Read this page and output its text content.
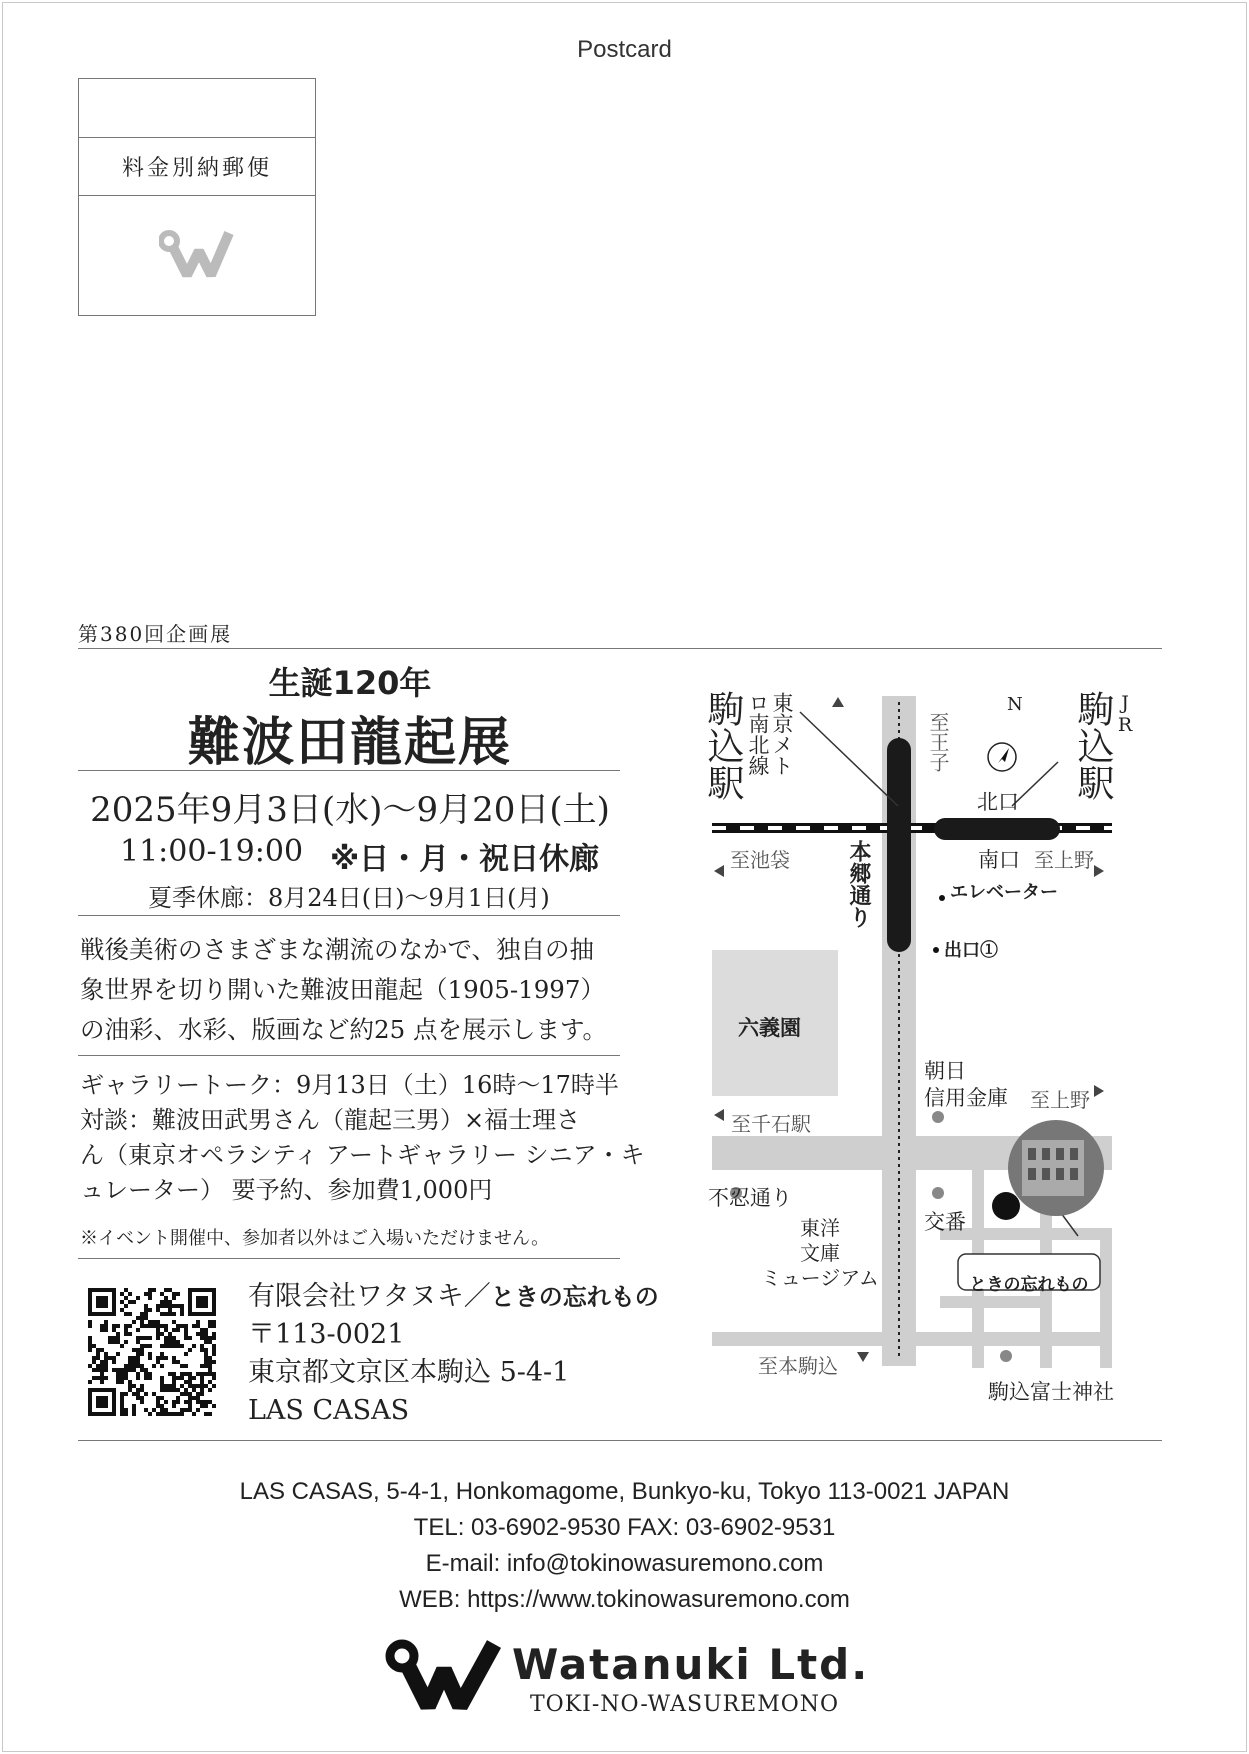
Postcard
料金別納郵便
第380回企画展
生誕120年
難波田龍起展
2025年9月3日(水)〜9月20日(土)
11:00-19:00 ※日・月・祝日休廊
夏季休廊：8月24日(日)〜9月1日(月)
戦後美術のさまざまな潮流のなかで、独自の抽
象世界を切り開いた難波田龍起（1905-1997）
の油彩、水彩、版画など約25 点を展示します。
ギャラリートーク：9月13日（土）16時〜17時半
対談：難波田武男さん（龍起三男）×福士理さ
ん（東京オペラシティ アートギャラリー シニア・キ
ュレーター） 要予約、参加費1,000円
※イベント開催中、参加者以外はご入場いただけません。
有限会社ワタヌキ／ときの忘れもの
〒113-0021
東京都文京区本駒込 5-4-1
LAS CASAS
駒込駅	東京メトロ南北線	至王子
N 駒込駅 JR
北口
南口 至上野
至池袋	本郷通り	エレベーター
出口①
六義園
朝日
信用金庫 至上野
至千石駅
不忍通り
交番
東洋
文庫
ミュージアム	ときの忘れもの
至本駒込
駒込富士神社
LAS CASAS, 5-4-1, Honkomagome, Bunkyo-ku, Tokyo 113-0021 JAPAN
TEL: 03-6902-9530 FAX: 03-6902-9531
E-mail: info@tokinowasuremono.com
WEB: https://www.tokinowasuremono.com
Watanuki Ltd.
TOKI-NO-WASUREMONO
